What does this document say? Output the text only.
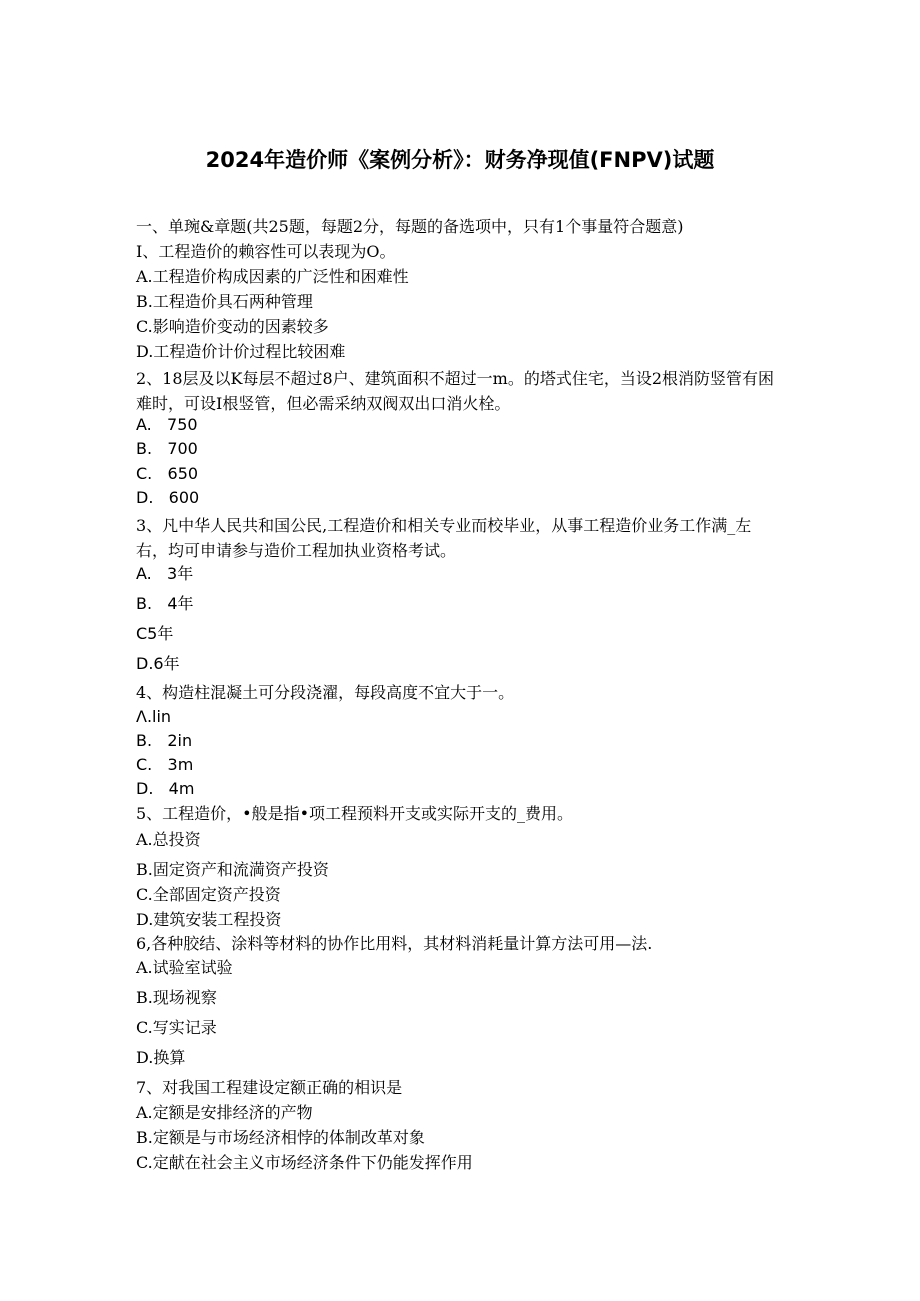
2024年造价师《案例分析》：财务净现值(FNPV)试题
一、单琬&章题(共25题，每题2分，每题的备选项中，只有1个事量符合题意)
I、工程造价的赖容性可以表现为O。
A.工程造价构成因素的广泛性和困难性
B.工程造价具石两种管理
C.影响造价变动的因素较多
D.工程造价计价过程比较困难
2、18层及以K每层不超过8户、建筑面积不超过一m。的塔式住宅，当设2根消防竖管有困难时，可设I根竖管，但必需采纳双阀双出口消火栓。
A.   750
B.   700
C.   650
D.   600
3、凡中华人民共和国公民,工程造价和相关专业而校毕业，从事工程造价业务工作满_左右，均可申请参与造价工程加执业资格考试。
A.   3年
B.   4年
C5年
D.6年
4、构造柱混凝土可分段浇濯，每段高度不宜大于一。
Λ.lin
B.   2in
C.   3m
D.   4m
5、工程造价，•般是指•项工程预料开支或实际开支的_费用。
A.总投资
B.固定资产和流満资产投资
C.全部固定资产投资
D.建筑安装工程投资
6,各种胶结、涂料等材料的协作比用料，其材料消耗量计算方法可用—法.
A.试验室试验
B.现场视察
C.写实记录
D.换算
7、对我国工程建设定额正确的相识是
A.定额是安排经济的产物
B.定额是与市场经济相悖的体制改革对象
C.定献在社会主义市场经济条件下仍能发挥作用
